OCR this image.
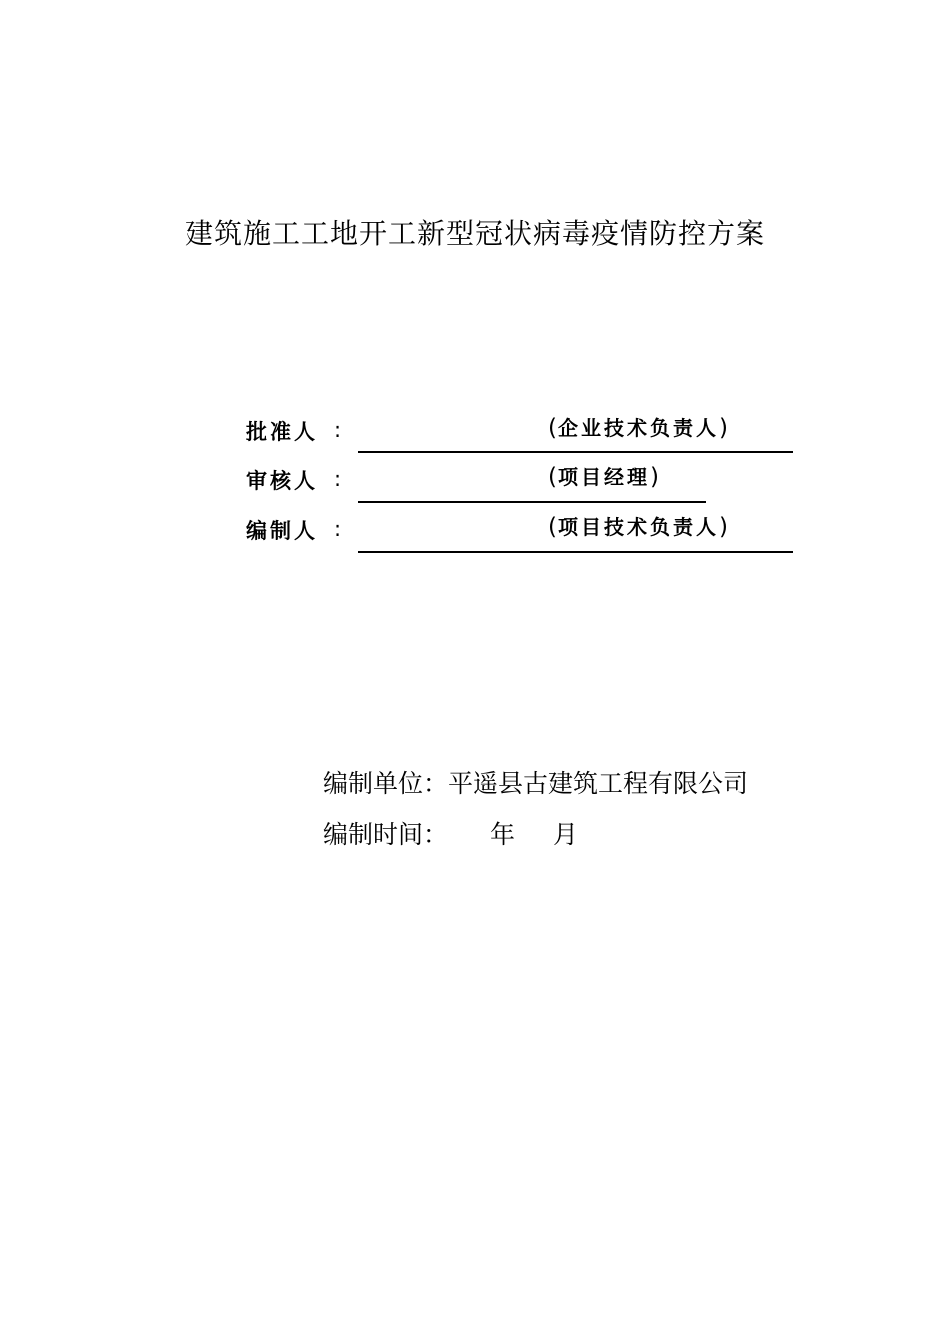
建筑施工工地开工新型冠状病毒疫情防控方案
批准人 :	(企业技术负责人)
审核人 :	(项目经理)
编制人 :	(项目技术负责人)
编制单位：平遥县古建筑工程有限公司
编制时间： 年 月
